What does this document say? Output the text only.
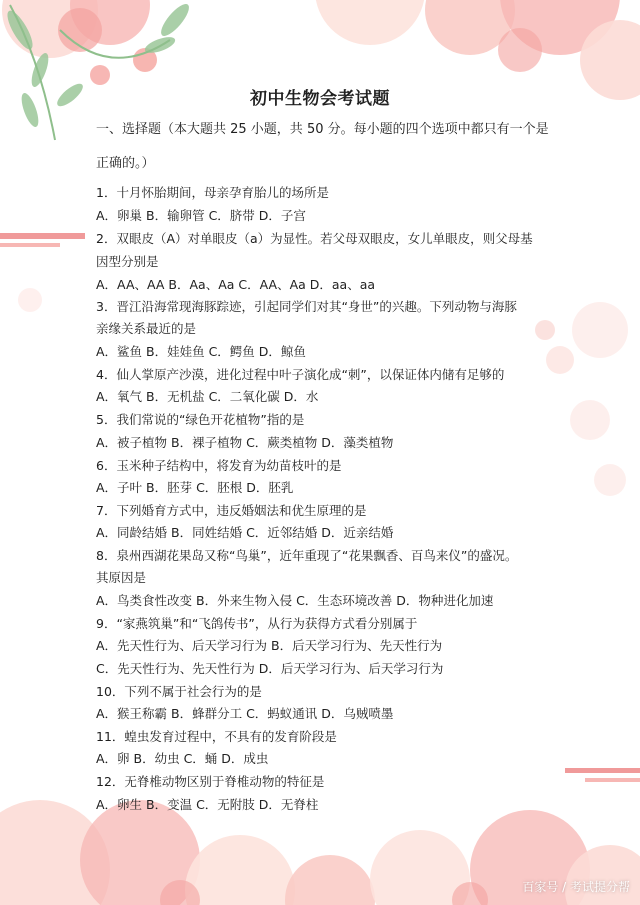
初中生物会考试题
一、选择题（本大题共 25 小题，共 50 分。每小题的四个选项中都只有一个是
正确的。）
1．十月怀胎期间，母亲孕育胎儿的场所是
A．卵巢 B．输卵管 C．脐带 D．子宫
2．双眼皮（A）对单眼皮（a）为显性。若父母双眼皮，女儿单眼皮，则父母基
因型分别是
A．AA、AA B．Aa、Aa C．AA、Aa D．aa、aa
3．晋江沿海常现海豚踪迹，引起同学们对其“身世”的兴趣。下列动物与海豚
亲缘关系最近的是
A．鲨鱼 B．娃娃鱼 C．鳄鱼 D．鲸鱼
4．仙人掌原产沙漠，进化过程中叶子演化成“刺”，以保证体内储有足够的
A．氧气 B．无机盐 C．二氧化碳 D．水
5．我们常说的“绿色开花植物”指的是
A．被子植物 B．裸子植物 C．蕨类植物 D．藻类植物
6．玉米种子结构中，将发育为幼苗枝叶的是
A．子叶 B．胚芽 C．胚根 D．胚乳
7．下列婚育方式中，违反婚姻法和优生原理的是
A．同龄结婚 B．同姓结婚 C．近邻结婚 D．近亲结婚
8．泉州西湖花果岛又称“鸟巢”，近年重现了“花果飘香、百鸟来仪”的盛况。
其原因是
A．鸟类食性改变 B．外来生物入侵 C．生态环境改善 D．物种进化加速
9．“家燕筑巢”和“飞鸽传书”，从行为获得方式看分别属于
A．先天性行为、后天学习行为 B．后天学习行为、先天性行为
C．先天性行为、先天性行为 D．后天学习行为、后天学习行为
10．下列不属于社会行为的是
A．猴王称霸 B．蜂群分工 C．蚂蚁通讯 D．乌贼喷墨
11．蝗虫发育过程中，不具有的发育阶段是
A．卵 B．幼虫 C．蛹 D．成虫
12．无脊椎动物区别于脊椎动物的特征是
A．卵生 B．变温 C．无附肢 D．无脊柱
百家号 / 考试提分帮
